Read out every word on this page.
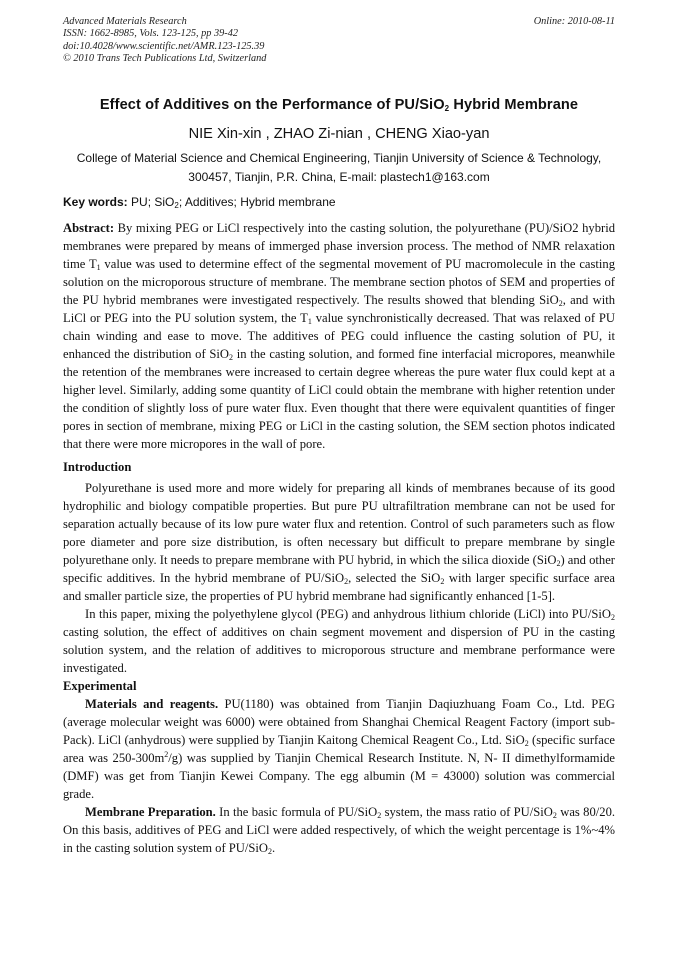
Advanced Materials Research
ISSN: 1662-8985, Vols. 123-125, pp 39-42
doi:10.4028/www.scientific.net/AMR.123-125.39
© 2010 Trans Tech Publications Ltd, Switzerland
Online: 2010-08-11
Effect of Additives on the Performance of PU/SiO$_2$ Hybrid Membrane
NIE Xin-xin , ZHAO Zi-nian , CHENG Xiao-yan
College of Material Science and Chemical Engineering, Tianjin University of Science & Technology,
300457, Tianjin, P.R. China, E-mail: plastech1@163.com
Key words: PU; SiO$_2$; Additives; Hybrid membrane

Abstract: By mixing PEG or LiCl respectively into the casting solution, the polyurethane (PU)/SiO2 hybrid membranes were prepared by means of immerged phase inversion process. The method of NMR relaxation time $T_1$ value was used to determine effect of the segmental movement of PU macromolecule in the casting solution on the microporous structure of membrane. The membrane section photos of SEM and properties of the PU hybrid membranes were investigated respectively. The results showed that blending SiO$_2$, and with LiCl or PEG into the PU solution system, the $T_1$ value synchronistically decreased. That was relaxed of PU chain winding and ease to move. The additives of PEG could influence the casting solution of PU, it enhanced the distribution of SiO$_2$ in the casting solution, and formed fine interfacial micropores, meanwhile the retention of the membranes were increased to certain degree whereas the pure water flux could kept at a higher level. Similarly, adding some quantity of LiCl could obtain the membrane with higher retention under the condition of slightly loss of pure water flux. Even thought that there were equivalent quantities of finger pores in section of membrane, mixing PEG or LiCl in the casting solution, the SEM section photos indicated that there were more micropores in the wall of pore.

Introduction

Polyurethane is used more and more widely for preparing all kinds of membranes because of its good hydrophilic and biology compatible properties. But pure PU ultrafiltration membrane can not be used for separation actually because of its low pure water flux and retention. Control of such parameters such as flow pore diameter and pore size distribution, is often necessary but difficult to prepare membrane by single polyurethane only. It needs to prepare membrane with PU hybrid, in which the silica dioxide (SiO$_2$) and other specific additives. In the hybrid membrane of PU/SiO$_2$, selected the SiO$_2$ with larger specific surface area and smaller particle size, the properties of PU hybrid membrane had significantly enhanced [1-5].

In this paper, mixing the polyethylene glycol (PEG) and anhydrous lithium chloride (LiCl) into PU/SiO$_2$ casting solution, the effect of additives on chain segment movement and dispersion of PU in the casting solution system, and the relation of additives to microporous structure and membrane performance were investigated.

Experimental

Materials and reagents. PU(1180) was obtained from Tianjin Daqiuzhuang Foam Co., Ltd. PEG (average molecular weight was 6000) were obtained from Shanghai Chemical Reagent Factory (import sub-Pack). LiCl (anhydrous) were supplied by Tianjin Kaitong Chemical Reagent Co., Ltd. SiO$_2$ (specific surface area was $250-300m^2/g$) was supplied by Tianjin Chemical Research Institute. N, N- II dimethylformamide (DMF) was get from Tianjin Kewei Company. The egg albumin (M = 43000) solution was commercial grade.

Membrane Preparation. In the basic formula of PU/SiO$_2$ system, the mass ratio of PU/SiO$_2$ was 80/20. On this basis, additives of PEG and LiCl were added respectively, of which the weight percentage is 1%~4% in the casting solution system of PU/SiO$_2$.
